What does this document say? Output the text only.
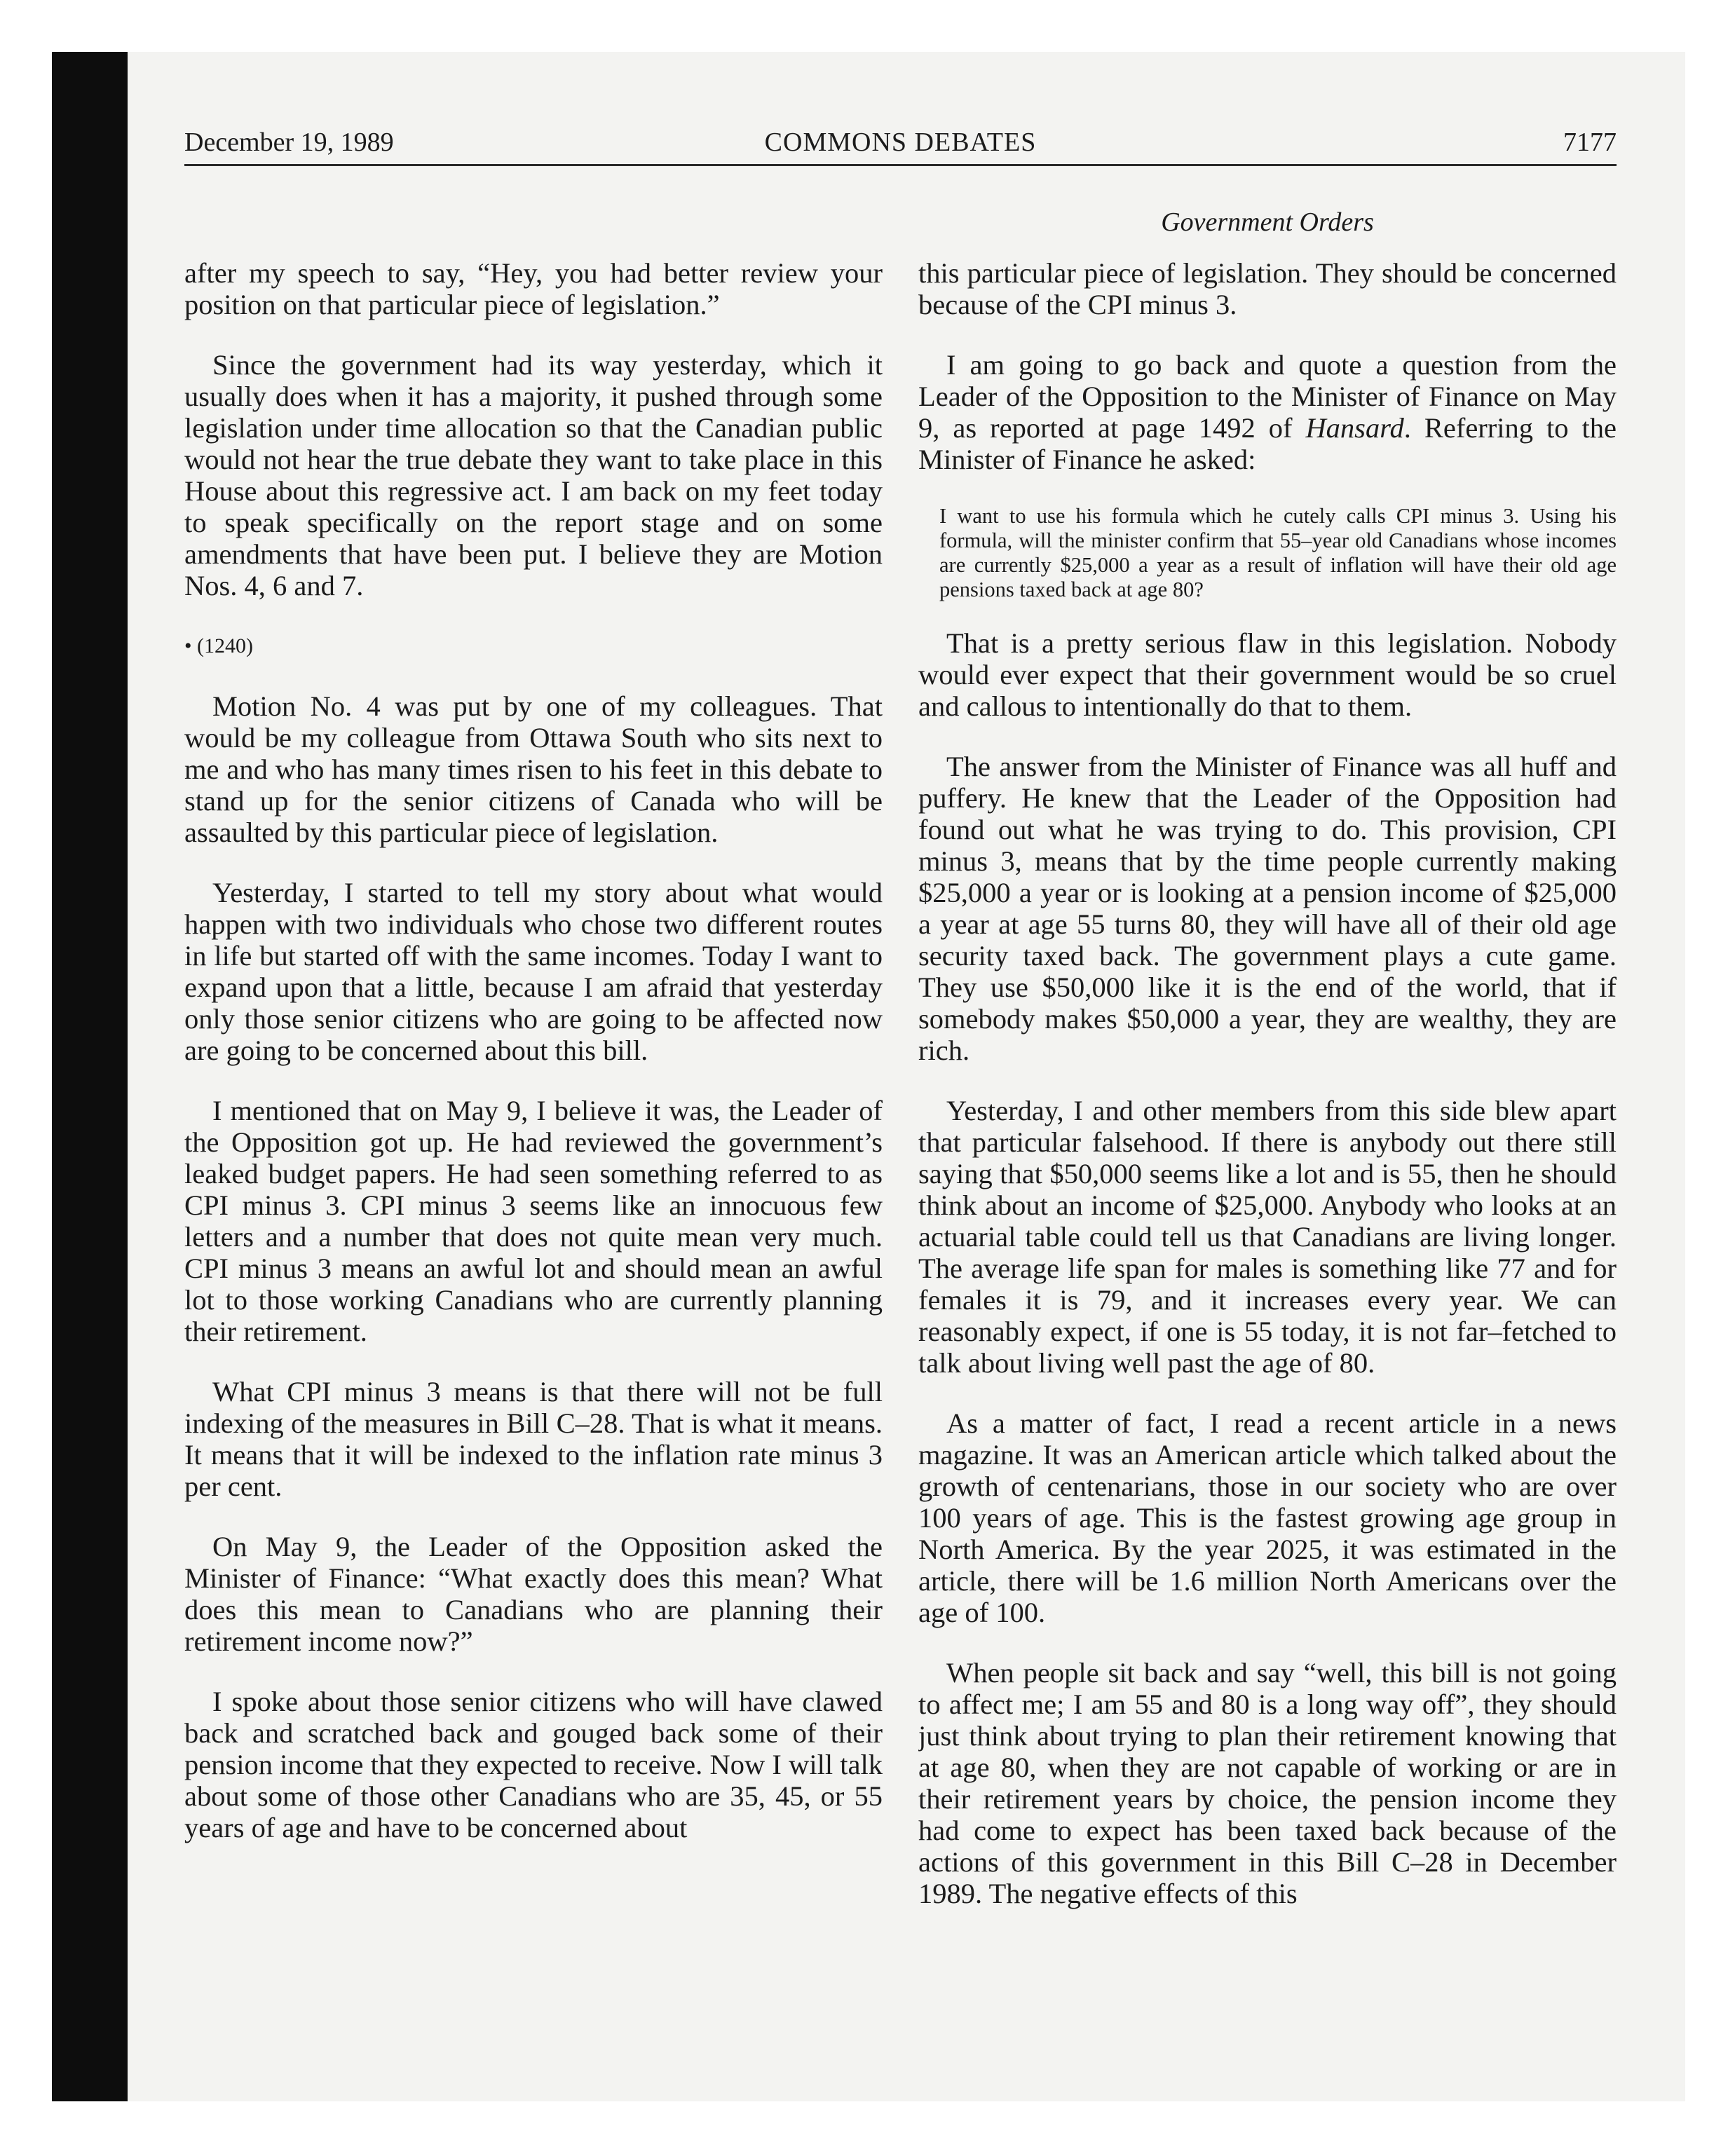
December 19, 1989	COMMONS DEBATES	7177
Government Orders

after my speech to say, “Hey, you had better review your position on that particular piece of legislation.”

Since the government had its way yesterday, which it usually does when it has a majority, it pushed through some legislation under time allocation so that the Canadian public would not hear the true debate they want to take place in this House about this regressive act. I am back on my feet today to speak specifically on the report stage and on some amendments that have been put. I believe they are Motion Nos. 4, 6 and 7.

• (1240)

Motion No. 4 was put by one of my colleagues. That would be my colleague from Ottawa South who sits next to me and who has many times risen to his feet in this debate to stand up for the senior citizens of Canada who will be assaulted by this particular piece of legislation.

Yesterday, I started to tell my story about what would happen with two individuals who chose two different routes in life but started off with the same incomes. Today I want to expand upon that a little, because I am afraid that yesterday only those senior citizens who are going to be affected now are going to be concerned about this bill.

I mentioned that on May 9, I believe it was, the Leader of the Opposition got up. He had reviewed the government’s leaked budget papers. He had seen something referred to as CPI minus 3. CPI minus 3 seems like an innocuous few letters and a number that does not quite mean very much. CPI minus 3 means an awful lot and should mean an awful lot to those working Canadians who are currently planning their retirement.

What CPI minus 3 means is that there will not be full indexing of the measures in Bill C–28. That is what it means. It means that it will be indexed to the inflation rate minus 3 per cent.

On May 9, the Leader of the Opposition asked the Minister of Finance: “What exactly does this mean? What does this mean to Canadians who are planning their retirement income now?”

I spoke about those senior citizens who will have clawed back and scratched back and gouged back some of their pension income that they expected to receive. Now I will talk about some of those other Canadians who are 35, 45, or 55 years of age and have to be concerned about

this particular piece of legislation. They should be concerned because of the CPI minus 3.

I am going to go back and quote a question from the Leader of the Opposition to the Minister of Finance on May 9, as reported at page 1492 of Hansard. Referring to the Minister of Finance he asked:

I want to use his formula which he cutely calls CPI minus 3. Using his formula, will the minister confirm that 55–year old Canadians whose incomes are currently $25,000 a year as a result of inflation will have their old age pensions taxed back at age 80?

That is a pretty serious flaw in this legislation. Nobody would ever expect that their government would be so cruel and callous to intentionally do that to them.

The answer from the Minister of Finance was all huff and puffery. He knew that the Leader of the Opposition had found out what he was trying to do. This provision, CPI minus 3, means that by the time people currently making $25,000 a year or is looking at a pension income of $25,000 a year at age 55 turns 80, they will have all of their old age security taxed back. The government plays a cute game. They use $50,000 like it is the end of the world, that if somebody makes $50,000 a year, they are wealthy, they are rich.

Yesterday, I and other members from this side blew apart that particular falsehood. If there is anybody out there still saying that $50,000 seems like a lot and is 55, then he should think about an income of $25,000. Anybody who looks at an actuarial table could tell us that Canadians are living longer. The average life span for males is something like 77 and for females it is 79, and it increases every year. We can reasonably expect, if one is 55 today, it is not far–fetched to talk about living well past the age of 80.

As a matter of fact, I read a recent article in a news magazine. It was an American article which talked about the growth of centenarians, those in our society who are over 100 years of age. This is the fastest growing age group in North America. By the year 2025, it was estimated in the article, there will be 1.6 million North Americans over the age of 100.

When people sit back and say “well, this bill is not going to affect me; I am 55 and 80 is a long way off”, they should just think about trying to plan their retirement knowing that at age 80, when they are not capable of working or are in their retirement years by choice, the pension income they had come to expect has been taxed back because of the actions of this government in this Bill C–28 in December 1989. The negative effects of this
